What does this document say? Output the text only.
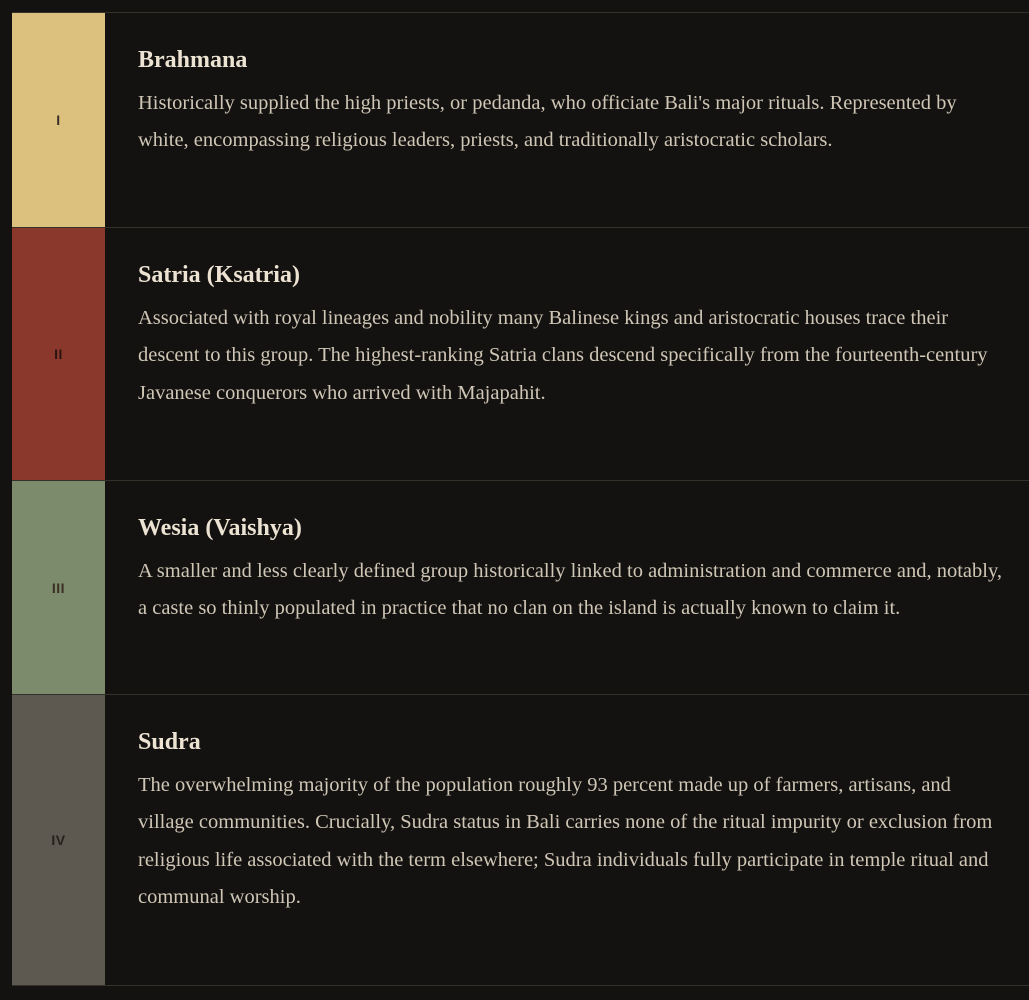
I
Brahmana

Historically supplied the high priests, or pedanda, who officiate Bali's major rituals. Represented by white, encompassing religious leaders, priests, and traditionally aristocratic scholars.

II
Satria (Ksatria)

Associated with royal lineages and nobility many Balinese kings and aristocratic houses trace their descent to this group. The highest-ranking Satria clans descend specifically from the fourteenth-century Javanese conquerors who arrived with Majapahit.

III
Wesia (Vaishya)

A smaller and less clearly defined group historically linked to administration and commerce and, notably, a caste so thinly populated in practice that no clan on the island is actually known to claim it.

IV
Sudra

The overwhelming majority of the population roughly 93 percent made up of farmers, artisans, and village communities. Crucially, Sudra status in Bali carries none of the ritual impurity or exclusion from religious life associated with the term elsewhere; Sudra individuals fully participate in temple ritual and communal worship.
